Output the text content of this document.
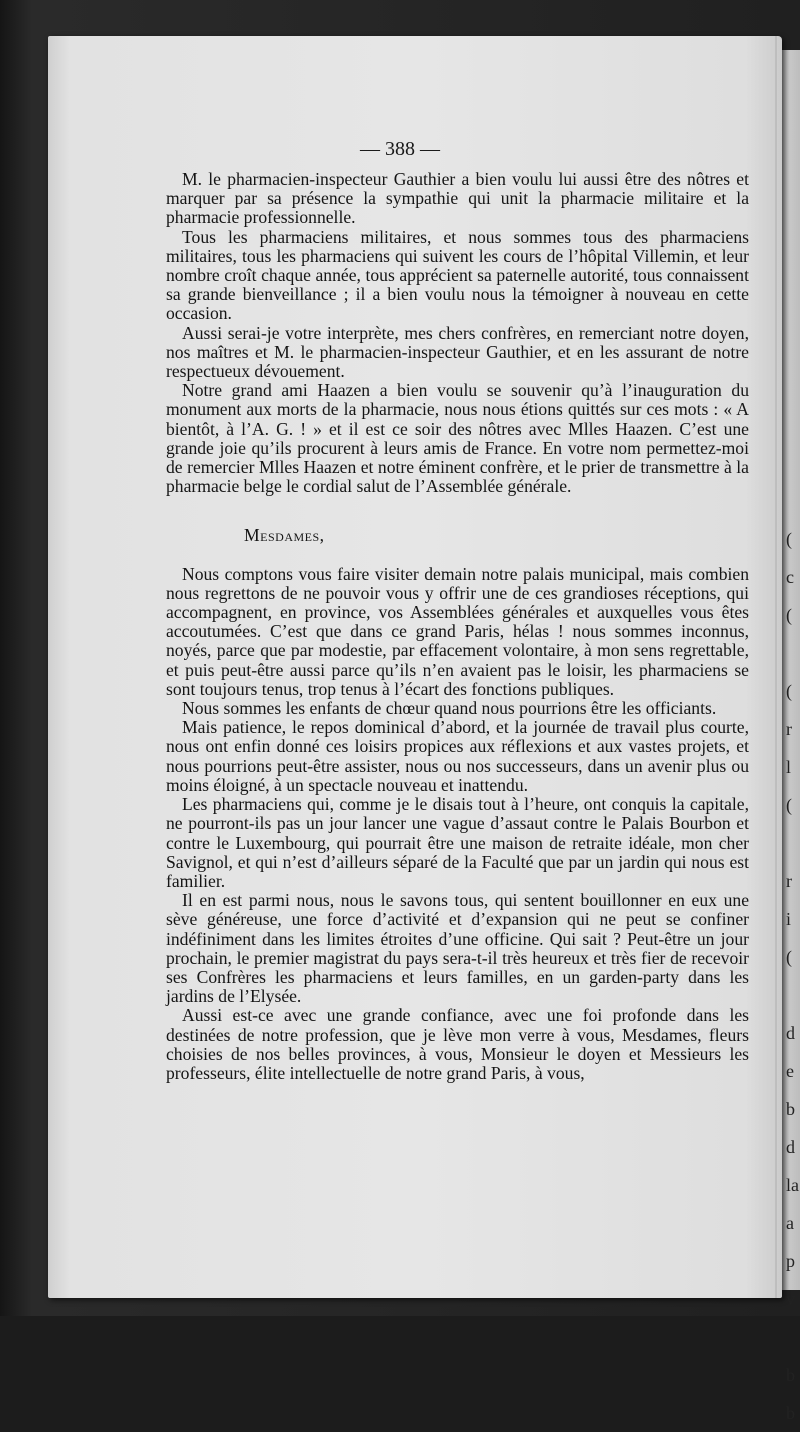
(
c
(

(
r
l
(

r
i
(

d
e
b
d
la
a
p
v

b
b
— 388 —

M. le pharmacien-inspecteur Gauthier a bien voulu lui aussi être des nôtres et marquer par sa présence la sympathie qui unit la pharmacie militaire et la pharmacie professionnelle.

Tous les pharmaciens militaires, et nous sommes tous des pharmaciens militaires, tous les pharmaciens qui suivent les cours de l’hôpital Villemin, et leur nombre croît chaque année, tous apprécient sa paternelle autorité, tous connaissent sa grande bienveillance ; il a bien voulu nous la témoigner à nouveau en cette occasion.

Aussi serai-je votre interprète, mes chers confrères, en remerciant notre doyen, nos maîtres et M. le pharmacien-inspecteur Gauthier, et en les assurant de notre respectueux dévouement.

Notre grand ami Haazen a bien voulu se souvenir qu’à l’inauguration du monument aux morts de la pharmacie, nous nous étions quittés sur ces mots : « A bientôt, à l’A. G. ! » et il est ce soir des nôtres avec Mlles Haazen. C’est une grande joie qu’ils procurent à leurs amis de France. En votre nom permettez-moi de remercier Mlles Haazen et notre éminent confrère, et le prier de transmettre à la pharmacie belge le cordial salut de l’Assemblée générale.

Mesdames,

Nous comptons vous faire visiter demain notre palais municipal, mais combien nous regrettons de ne pouvoir vous y offrir une de ces grandioses réceptions, qui accompagnent, en province, vos Assemblées générales et auxquelles vous êtes accoutumées. C’est que dans ce grand Paris, hélas ! nous sommes inconnus, noyés, parce que par modestie, par effacement volontaire, à mon sens regrettable, et puis peut-être aussi parce qu’ils n’en avaient pas le loisir, les pharmaciens se sont toujours tenus, trop tenus à l’écart des fonctions publiques.

Nous sommes les enfants de chœur quand nous pourrions être les officiants.

Mais patience, le repos dominical d’abord, et la journée de travail plus courte, nous ont enfin donné ces loisirs propices aux réflexions et aux vastes projets, et nous pourrions peut-être assister, nous ou nos successeurs, dans un avenir plus ou moins éloigné, à un spectacle nouveau et inattendu.

Les pharmaciens qui, comme je le disais tout à l’heure, ont conquis la capitale, ne pourront-ils pas un jour lancer une vague d’assaut contre le Palais Bourbon et contre le Luxembourg, qui pourrait être une maison de retraite idéale, mon cher Savignol, et qui n’est d’ailleurs séparé de la Faculté que par un jardin qui nous est familier.

Il en est parmi nous, nous le savons tous, qui sentent bouillonner en eux une sève généreuse, une force d’activité et d’expansion qui ne peut se confiner indéfiniment dans les limites étroites d’une officine. Qui sait ? Peut-être un jour prochain, le premier magistrat du pays sera-t-il très heureux et très fier de recevoir ses Confrères les pharmaciens et leurs familles, en un garden-party dans les jardins de l’Elysée.

Aussi est-ce avec une grande confiance, avec une foi profonde dans les destinées de notre profession, que je lève mon verre à vous, Mesdames, fleurs choisies de nos belles provinces, à vous, Monsieur le doyen et Messieurs les professeurs, élite intellectuelle de notre grand Paris, à vous,
